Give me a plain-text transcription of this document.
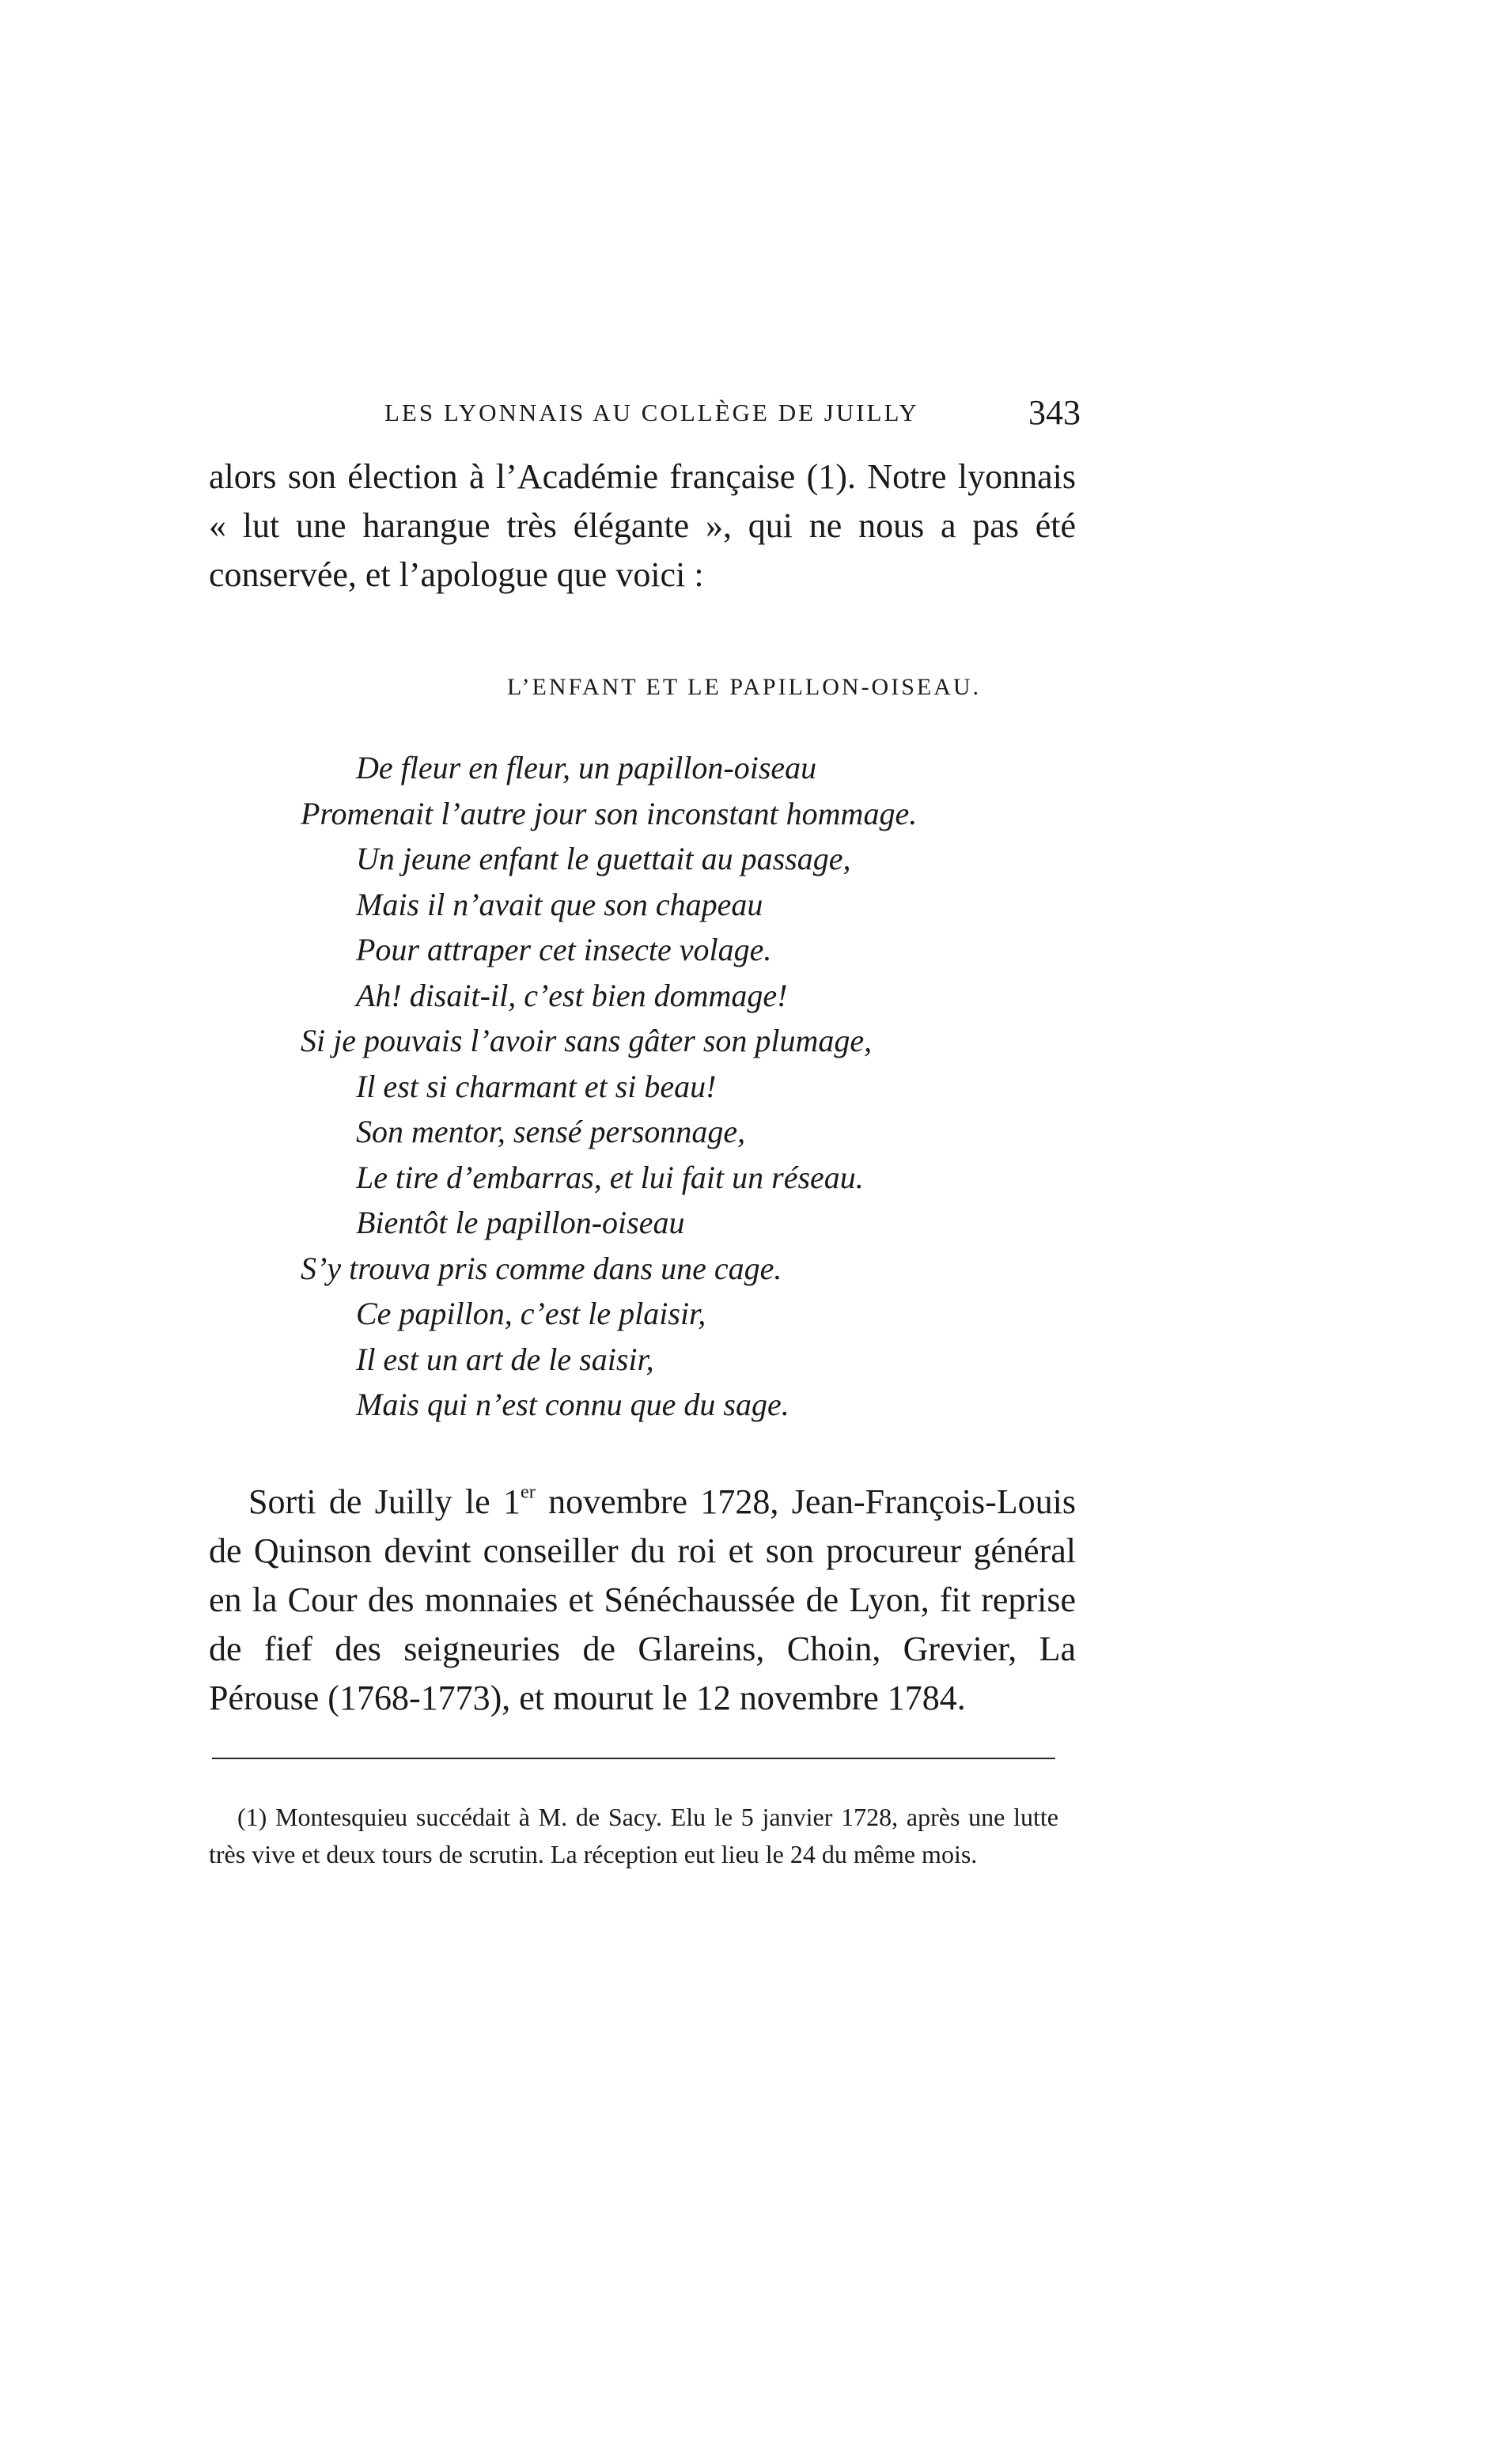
LES LYONNAIS AU COLLÈGE DE JUILLY	343

alors son élection à l’Académie française (1). Notre lyonnais « lut une harangue très élégante », qui ne nous a pas été conservée, et l’apologue que voici :

L’ENFANT ET LE PAPILLON-OISEAU.
De fleur en fleur, un papillon-oiseau
Promenait l’autre jour son inconstant hommage.
Un jeune enfant le guettait au passage,
Mais il n’avait que son chapeau
Pour attraper cet insecte volage.
Ah! disait-il, c’est bien dommage!
Si je pouvais l’avoir sans gâter son plumage,
Il est si charmant et si beau!
Son mentor, sensé personnage,
Le tire d’embarras, et lui fait un réseau.
Bientôt le papillon-oiseau
S’y trouva pris comme dans une cage.
Ce papillon, c’est le plaisir,
Il est un art de le saisir,
Mais qui n’est connu que du sage.

Sorti de Juilly le 1er novembre 1728, Jean-François-Louis de Quinson devint conseiller du roi et son procureur général en la Cour des monnaies et Sénéchaussée de Lyon, fit reprise de fief des seigneuries de Glareins, Choin, Grevier, La Pérouse (1768-1773), et mourut le 12 novembre 1784.

(1) Montesquieu succédait à M. de Sacy. Elu le 5 janvier 1728, après une lutte très vive et deux tours de scrutin. La réception eut lieu le 24 du même mois.
